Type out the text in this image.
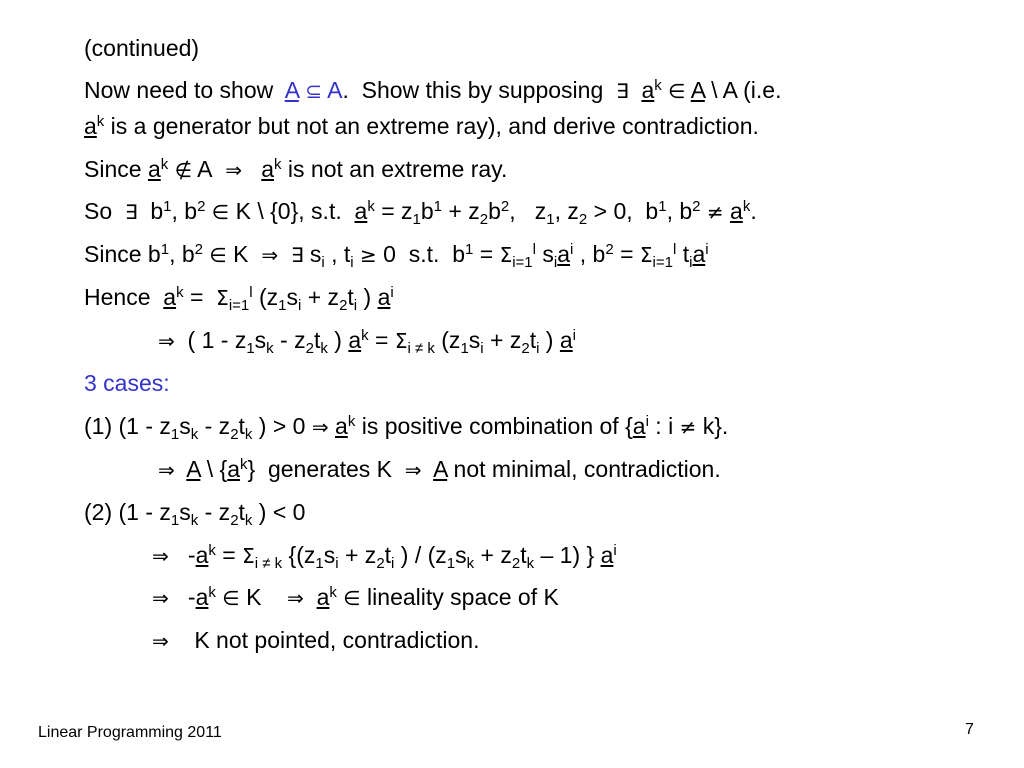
(continued)
Now need to show  A ⊆ A.  Show this by supposing  ∃ $a^k$ ∈ A \ A (i.e.
$a^k$ is a generator but not an extreme ray), and derive contradiction.
Since $a^k$ ∉ A  ⇒ $a^k$ is not an extreme ray.
So  ∃  $b^1$, $b^2$ ∈ K \ {0}, s.t.  $a^k = z_1b^1 + z_2b^2$,   $z_1$, $z_2 > 0$,  $b^1$, $b^2 \ne a^k$.
Since $b^1$, $b^2$ ∈ K  ⇒ ∃ $s_i$ , $t_i \ge 0$  s.t.  $b^1 = \Sigma_{i=1}^l$ $s_ia^i$ , $b^2 = \Sigma_{i=1}^l$ $t_ia^i$
Hence  $a^k = \Sigma_{i=1}^l$ ($z_1s_i + z_2t_i$ ) $a^i$
⇒  ( $1 - z_1s_k - z_2t_k$ ) $a^k = \Sigma_{i \ne k}$ ($z_1s_i + z_2t_i$ ) $a^i$
3 cases:
(1) ($1 - z_1s_k - z_2t_k$ ) > 0 ⇒ $a^k$ is positive combination of {$a^i$ : i ≠ k}.
⇒ A \ $\{a^k\}$  generates K  ⇒ A not minimal, contradiction.
(2) ($1 - z_1s_k - z_2t_k$ ) < 0
⇒   $-a^k = \Sigma_{i \ne k}$ {($z_1s_i + z_2t_i$ ) / $(z_1s_k + z_2t_k - 1)$ } $a^i$
⇒   $-a^k$ ∈ K    ⇒ $a^k$ ∈ lineality space of K
⇒    K not pointed, contradiction.
Linear Programming 2011	7
